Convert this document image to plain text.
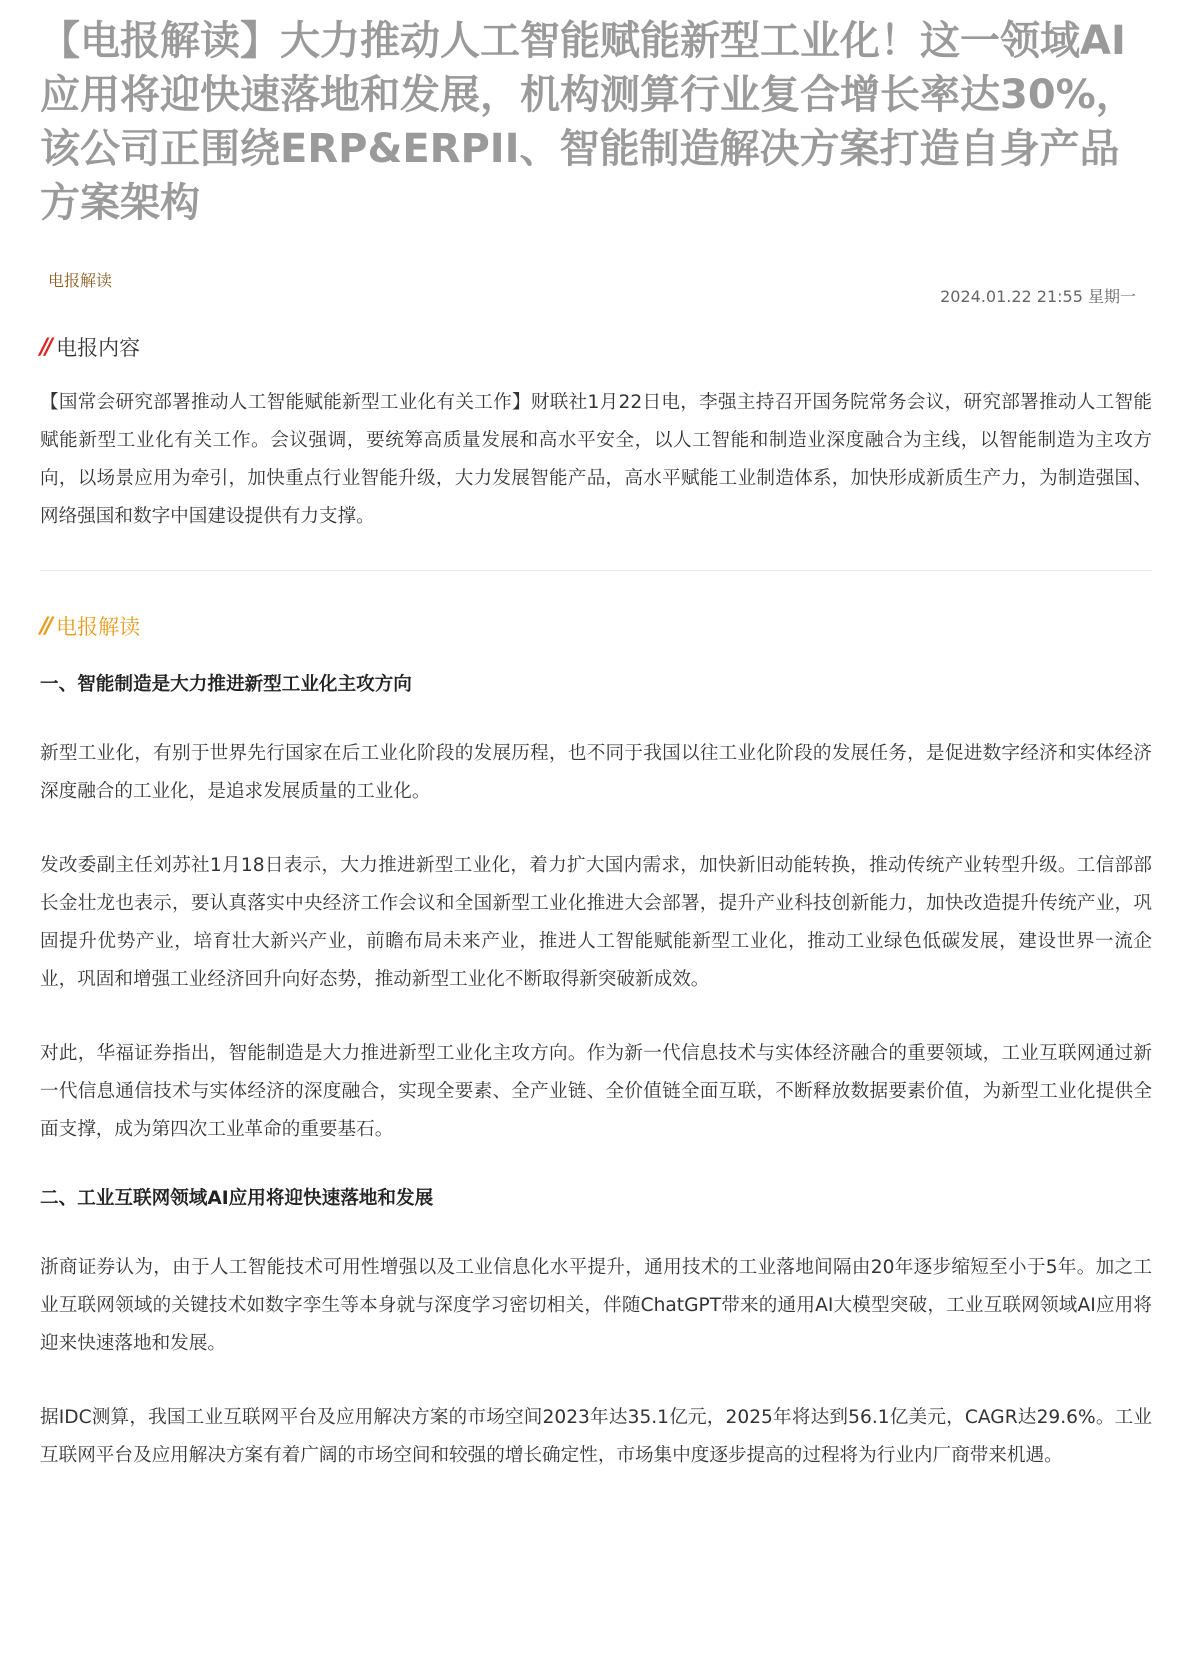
【电报解读】大力推动人工智能赋能新型工业化！这一领域AI应用将迎快速落地和发展，机构测算行业复合增长率达30%，该公司正围绕ERP&ERPII、智能制造解决方案打造自身产品方案架构
电报解读
2024.01.22 21:55 星期一
// 电报内容

【国常会研究部署推动人工智能赋能新型工业化有关工作】财联社1月22日电，李强主持召开国务院常务会议，研究部署推动人工智能赋能新型工业化有关工作。会议强调，要统筹高质量发展和高水平安全，以人工智能和制造业深度融合为主线，以智能制造为主攻方向，以场景应用为牵引，加快重点行业智能升级，大力发展智能产品，高水平赋能工业制造体系，加快形成新质生产力，为制造强国、网络强国和数字中国建设提供有力支撑。

// 电报解读
一、智能制造是大力推进新型工业化主攻方向

新型工业化，有别于世界先行国家在后工业化阶段的发展历程，也不同于我国以往工业化阶段的发展任务，是促进数字经济和实体经济深度融合的工业化，是追求发展质量的工业化。

发改委副主任刘苏社1月18日表示，大力推进新型工业化，着力扩大国内需求，加快新旧动能转换，推动传统产业转型升级。工信部部长金壮龙也表示，要认真落实中央经济工作会议和全国新型工业化推进大会部署，提升产业科技创新能力，加快改造提升传统产业，巩固提升优势产业，培育壮大新兴产业，前瞻布局未来产业，推进人工智能赋能新型工业化，推动工业绿色低碳发展，建设世界一流企业，巩固和增强工业经济回升向好态势，推动新型工业化不断取得新突破新成效。

对此，华福证券指出，智能制造是大力推进新型工业化主攻方向。作为新一代信息技术与实体经济融合的重要领域，工业互联网通过新一代信息通信技术与实体经济的深度融合，实现全要素、全产业链、全价值链全面互联，不断释放数据要素价值，为新型工业化提供全面支撑，成为第四次工业革命的重要基石。

二、工业互联网领域AI应用将迎快速落地和发展

浙商证券认为，由于人工智能技术可用性增强以及工业信息化水平提升，通用技术的工业落地间隔由20年逐步缩短至小于5年。加之工业互联网领域的关键技术如数字孪生等本身就与深度学习密切相关，伴随ChatGPT带来的通用AI大模型突破，工业互联网领域AI应用将迎来快速落地和发展。

据IDC测算，我国工业互联网平台及应用解决方案的市场空间2023年达35.1亿元，2025年将达到56.1亿美元，CAGR达29.6%。工业互联网平台及应用解决方案有着广阔的市场空间和较强的增长确定性，市场集中度逐步提高的过程将为行业内厂商带来机遇。
